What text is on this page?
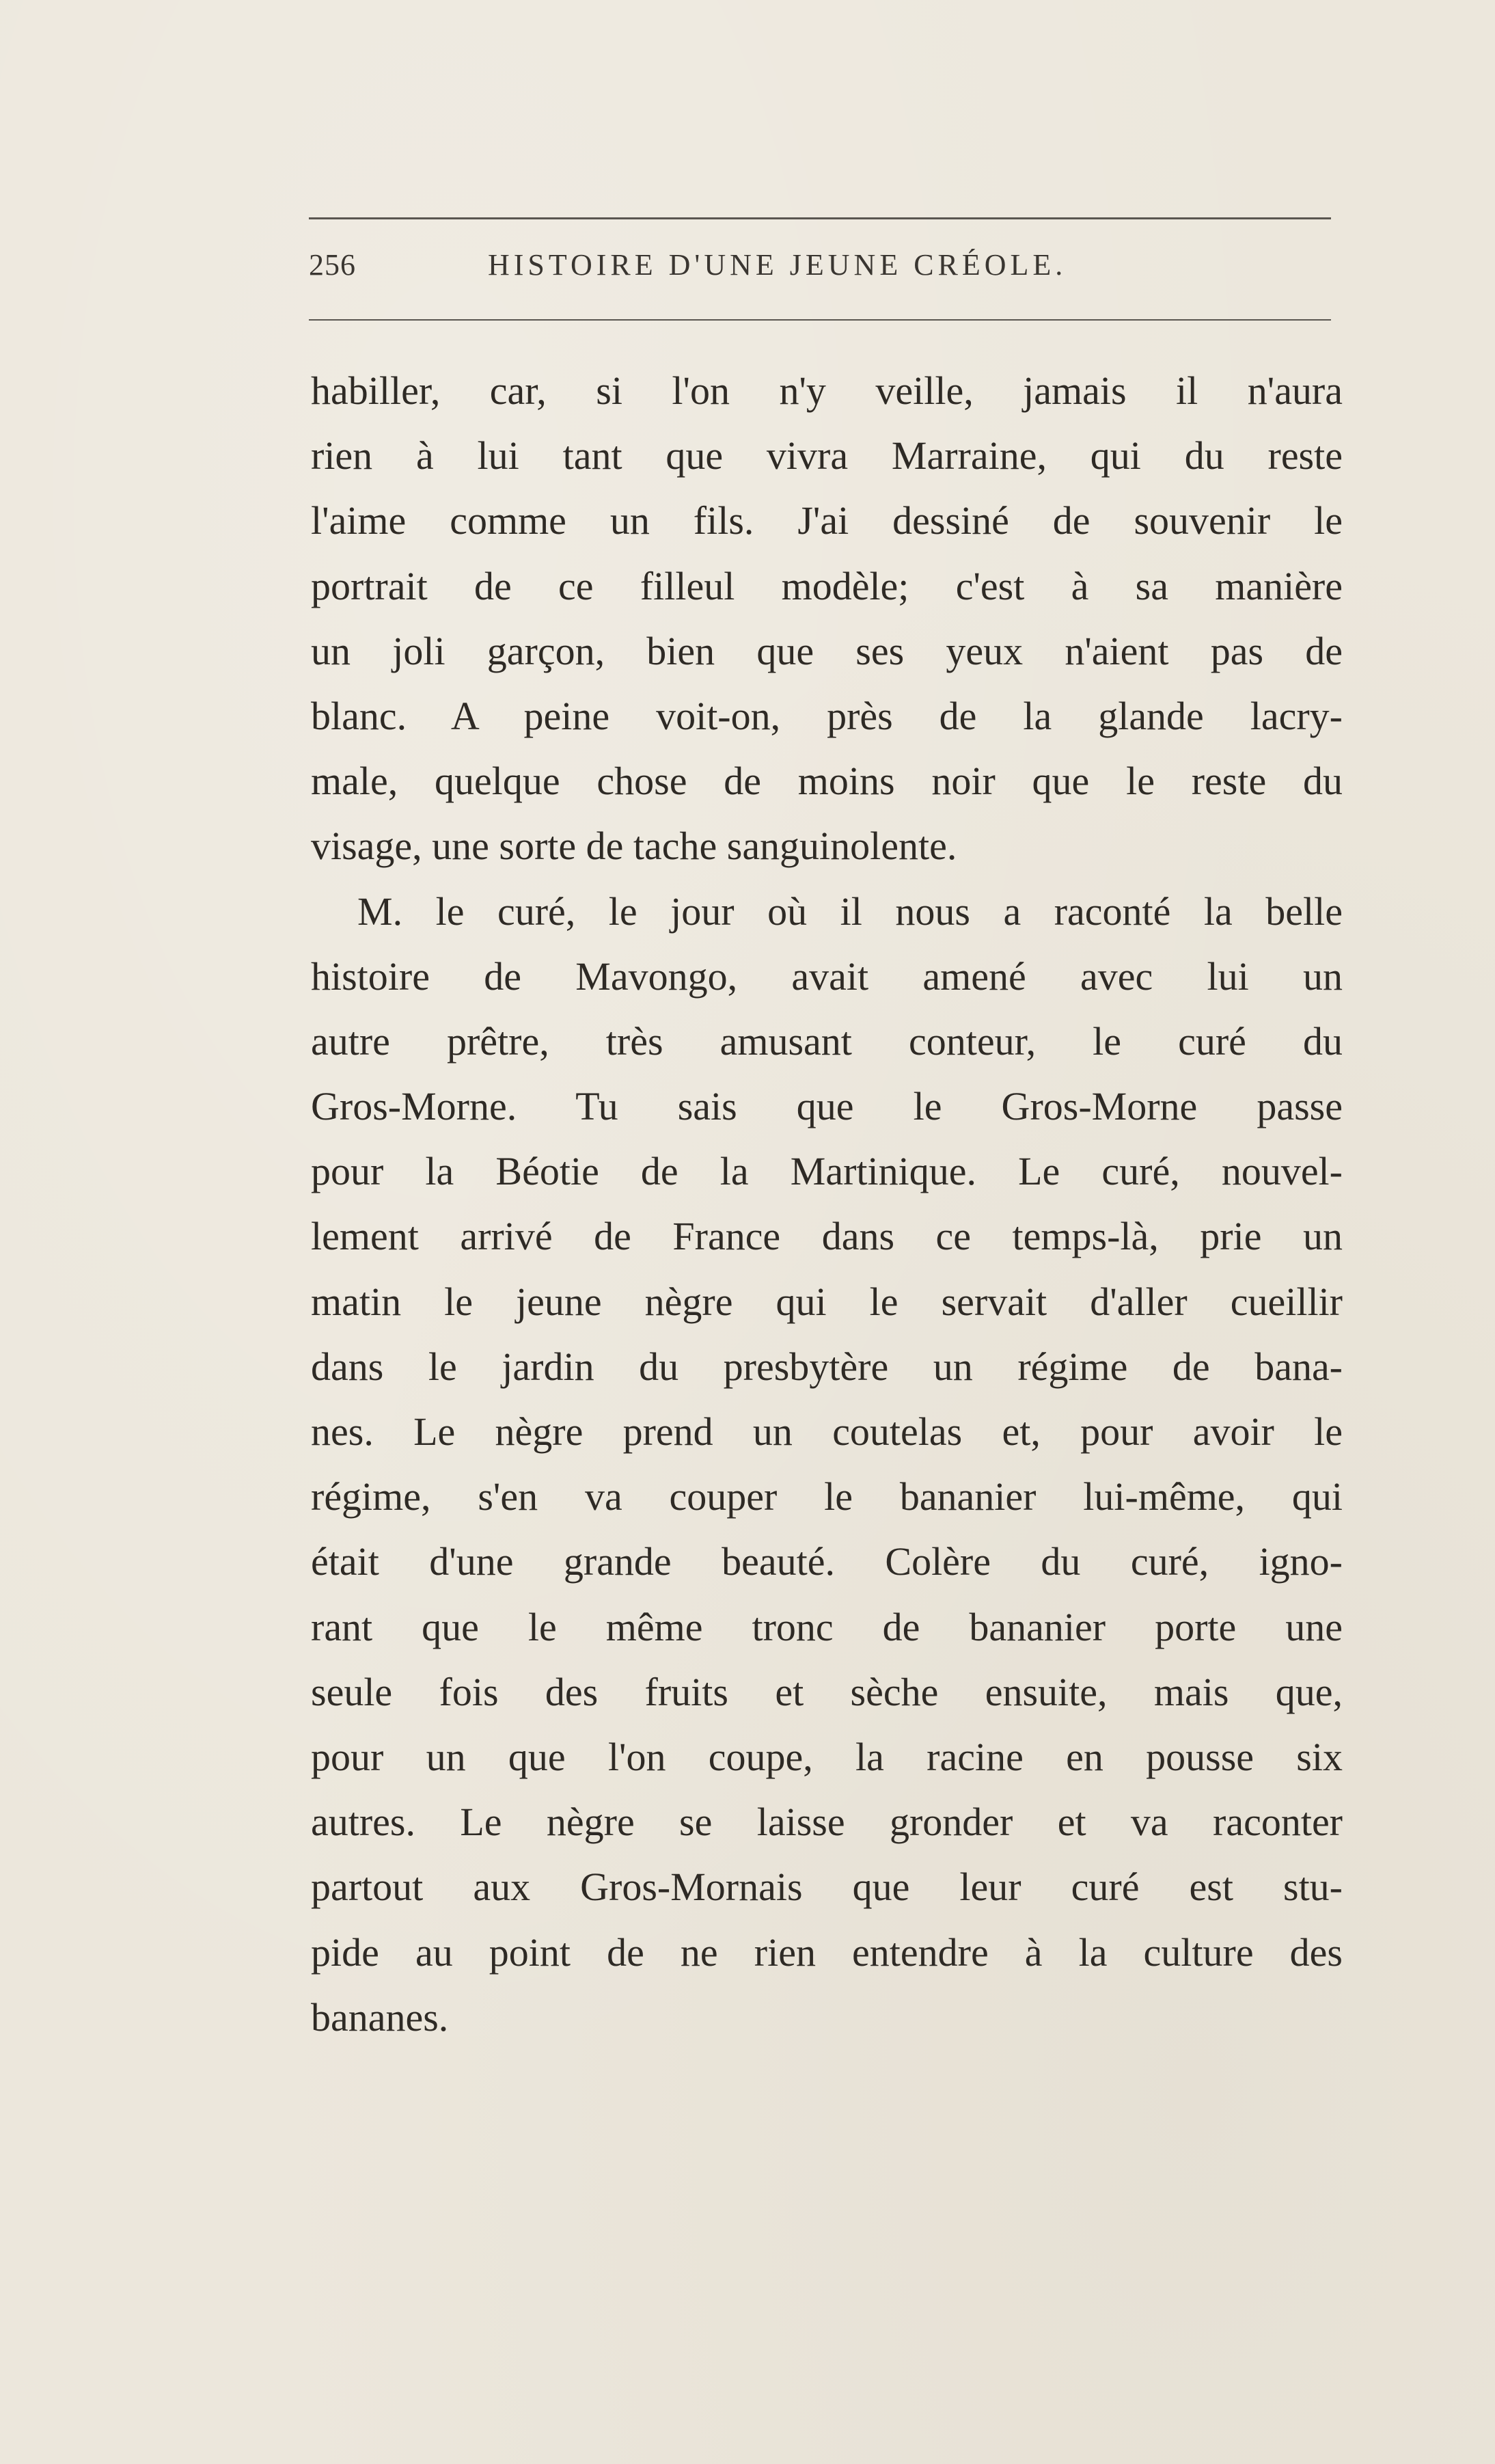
256	HISTOIRE D'UNE JEUNE CRÉOLE.
habiller, car, si l'on n'y veille, jamais il n'aura
rien à lui tant que vivra Marraine, qui du reste
l'aime comme un fils. J'ai dessiné de souvenir le
portrait de ce filleul modèle; c'est à sa manière
un joli garçon, bien que ses yeux n'aient pas de
blanc. A peine voit-on, près de la glande lacry-
male, quelque chose de moins noir que le reste du
visage, une sorte de tache sanguinolente.
M. le curé, le jour où il nous a raconté la belle
histoire de Mavongo, avait amené avec lui un
autre prêtre, très amusant conteur, le curé du
Gros-Morne. Tu sais que le Gros-Morne passe
pour la Béotie de la Martinique. Le curé, nouvel-
lement arrivé de France dans ce temps-là, prie un
matin le jeune nègre qui le servait d'aller cueillir
dans le jardin du presbytère un régime de bana-
nes. Le nègre prend un coutelas et, pour avoir le
régime, s'en va couper le bananier lui-même, qui
était d'une grande beauté. Colère du curé, igno-
rant que le même tronc de bananier porte une
seule fois des fruits et sèche ensuite, mais que,
pour un que l'on coupe, la racine en pousse six
autres. Le nègre se laisse gronder et va raconter
partout aux Gros-Mornais que leur curé est stu-
pide au point de ne rien entendre à la culture des
bananes.
